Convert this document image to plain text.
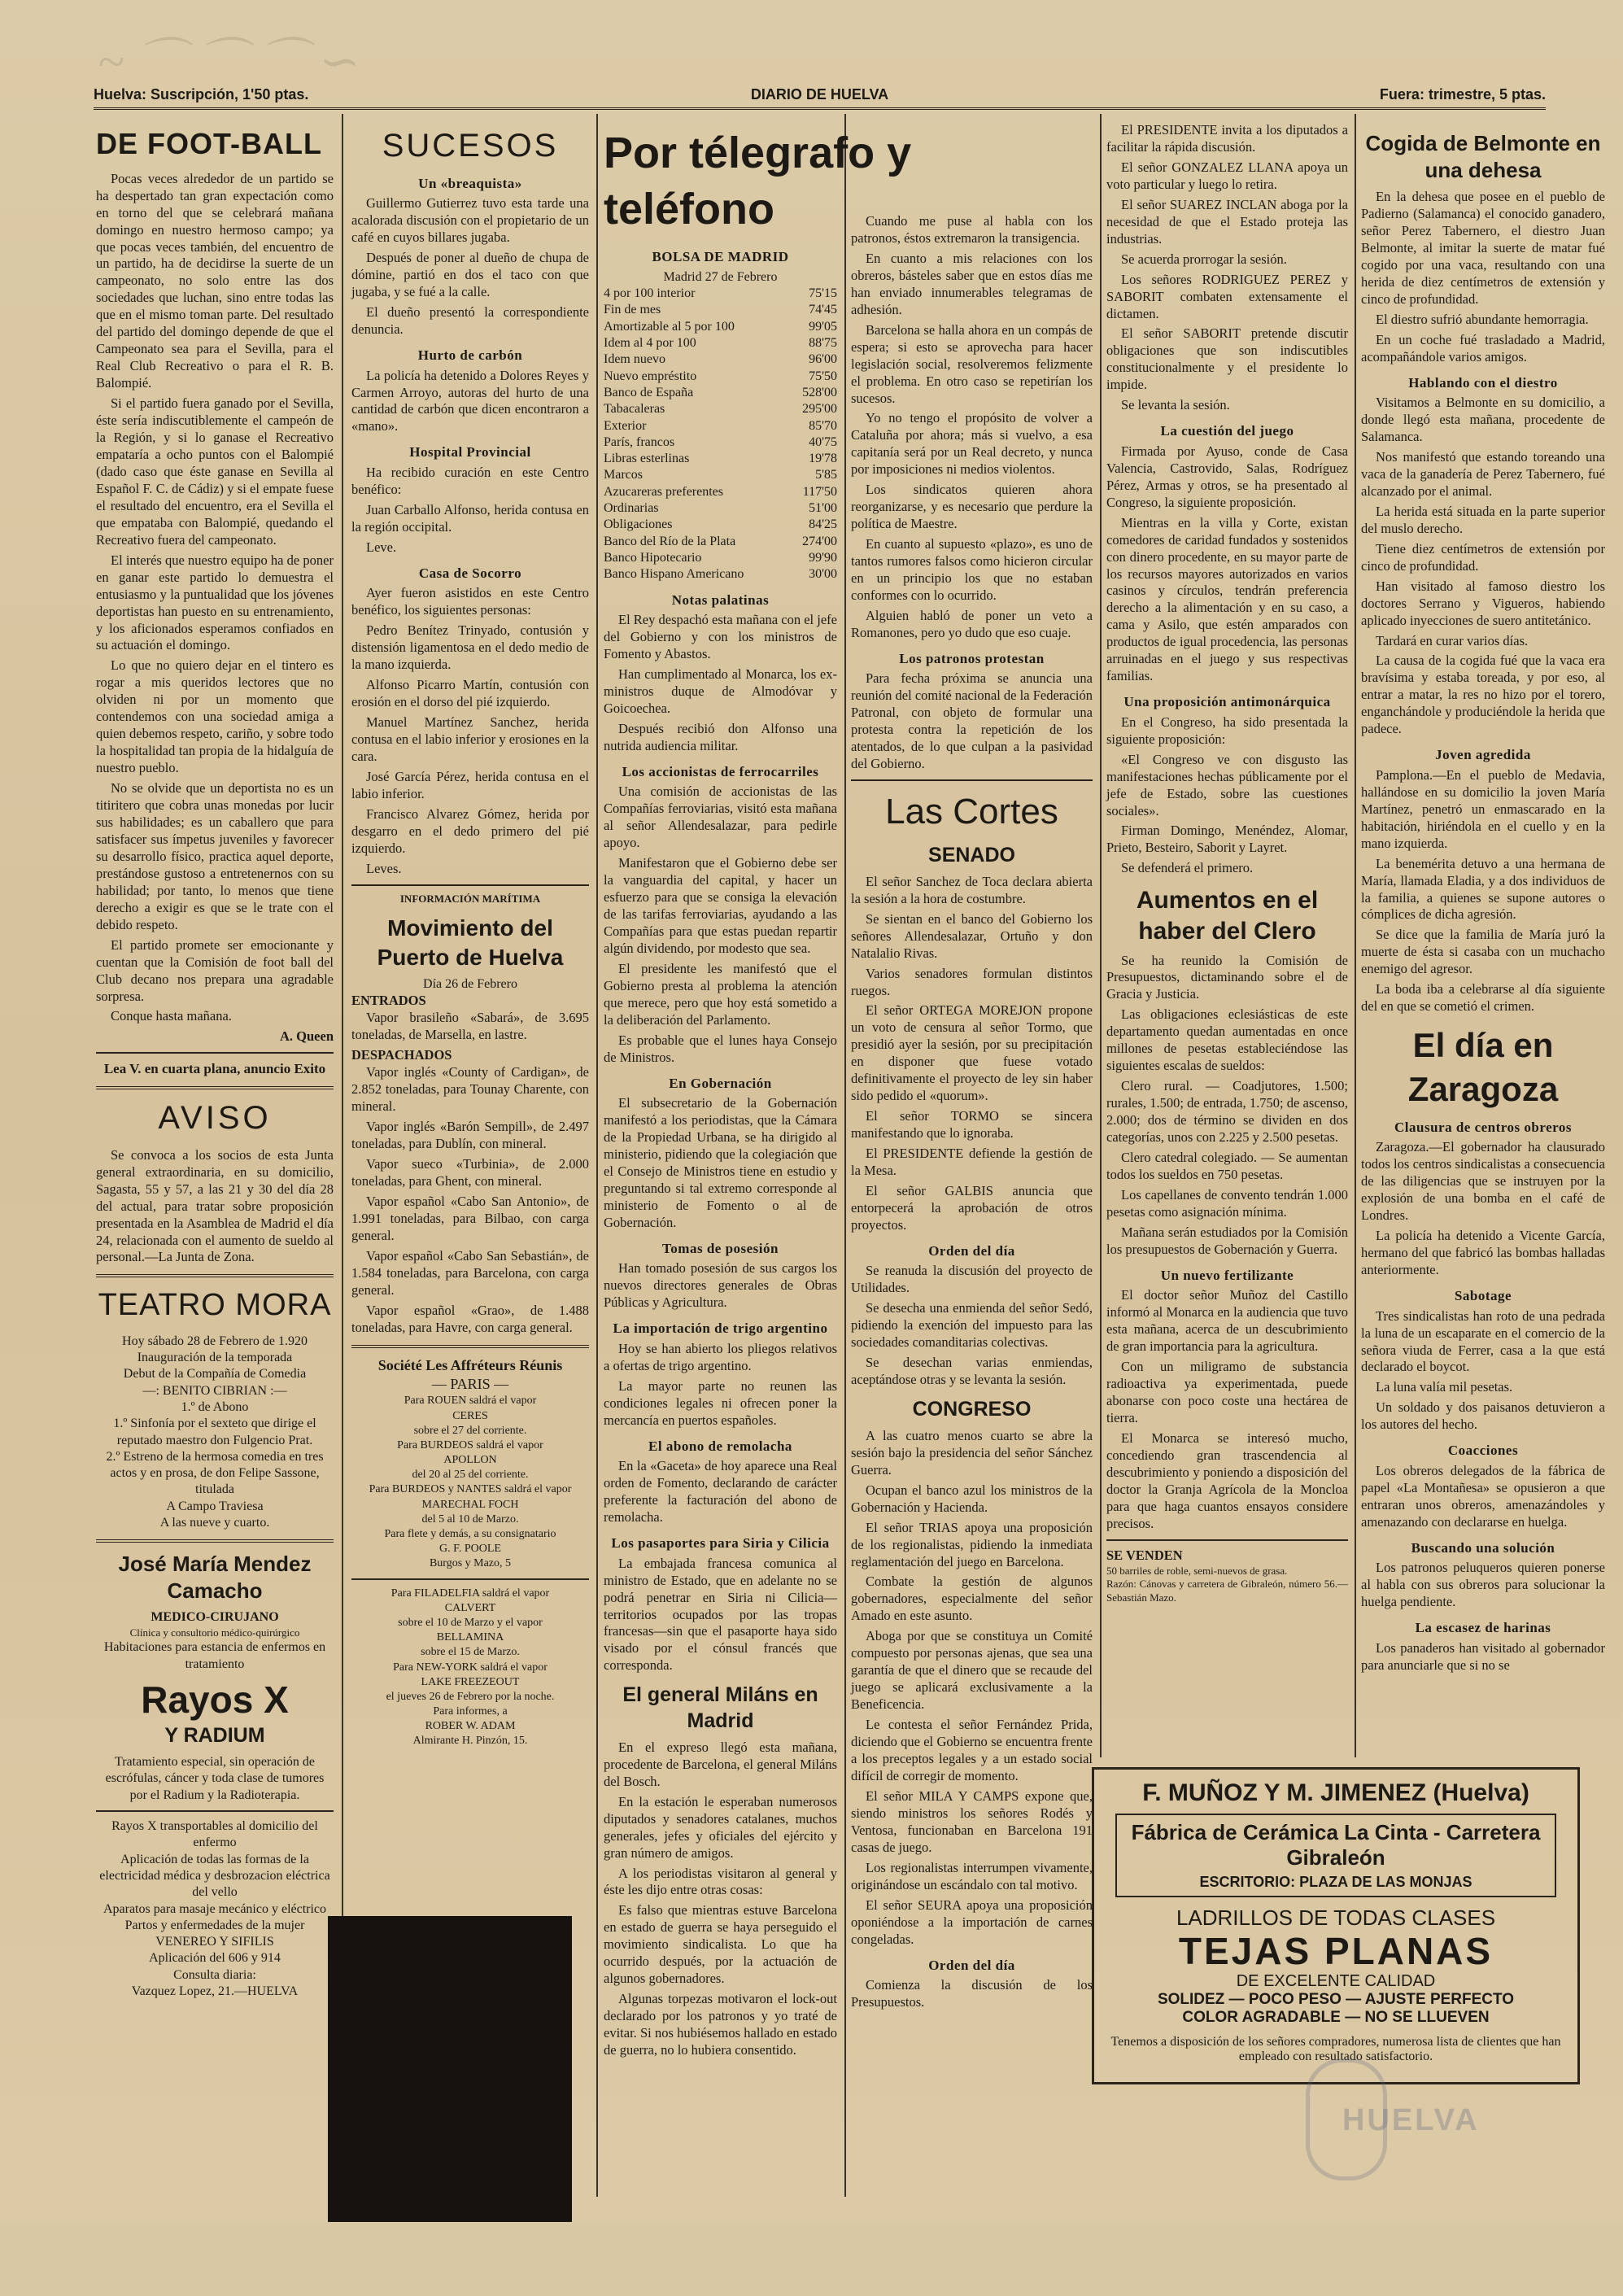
~ ⌒ ⌒ ⌒ ∽
Huelva: Suscripción, 1'50 ptas.	DIARIO DE HUELVA	Fuera: trimestre, 5 ptas.
DE FOOT-BALL

Pocas veces alrededor de un partido se ha despertado tan gran expectación como en torno del que se celebrará mañana domingo en nuestro hermoso campo; ya que pocas veces también, del encuentro de un partido, ha de decidirse la suerte de un campeonato, no solo entre las dos sociedades que luchan, sino entre todas las que en el mismo toman parte. Del resultado del partido del domingo depende de que el Campeonato sea para el Sevilla, para el Real Club Recreativo o para el R. B. Balompié.

Si el partido fuera ganado por el Sevilla, éste sería indiscutiblemente el campeón de la Región, y si lo ganase el Recreativo empataría a ocho puntos con el Balompié (dado caso que éste ganase en Sevilla al Español F. C. de Cádiz) y si el empate fuese el resultado del encuentro, era el Sevilla el que empataba con Balompié, quedando el Recreativo fuera del campeonato.

El interés que nuestro equipo ha de poner en ganar este partido lo demuestra el entusiasmo y la puntualidad que los jóvenes deportistas han puesto en su entrenamiento, y los aficionados esperamos confiados en su actuación el domingo.

Lo que no quiero dejar en el tintero es rogar a mis queridos lectores que no olviden ni por un momento que contendemos con una sociedad amiga a quien debemos respeto, cariño, y sobre todo la hospitalidad tan propia de la hidalguía de nuestro pueblo.

No se olvide que un deportista no es un titiritero que cobra unas monedas por lucir sus habilidades; es un caballero que para satisfacer sus ímpetus juveniles y favorecer su desarrollo físico, practica aquel deporte, prestándose gustoso a entretenernos con su habilidad; por tanto, lo menos que tiene derecho a exigir es que se le trate con el debido respeto.

El partido promete ser emocionante y cuentan que la Comisión de foot ball del Club decano nos prepara una agradable sorpresa.

Conque hasta mañana.

A. Queen
Lea V. en cuarta plana, anuncio Exito
AVISO

Se convoca a los socios de esta Junta general extraordinaria, en su domicilio, Sagasta, 55 y 57, a las 21 y 30 del día 28 del actual, para tratar sobre proposición presentada en la Asamblea de Madrid el día 24, relacionada con el aumento de sueldo al personal.—La Junta de Zona.

TEATRO MORA
Hoy sábado 28 de Febrero de 1.920
Inauguración de la temporada
Debut de la Compañía de Comedia
—: BENITO CIBRIAN :—
1.º de Abono
1.º Sinfonía por el sexteto que dirige el reputado maestro don Fulgencio Prat.
2.º Estreno de la hermosa comedia en tres actos y en prosa, de don Felipe Sassone, titulada
A Campo Traviesa
A las nueve y cuarto.
José María Mendez Camacho
MEDICO-CIRUJANO
Clínica y consultorio médico-quirúrgico
Habitaciones para estancia de enfermos en tratamiento
Rayos X
Y RADIUM
Tratamiento especial, sin operación de escrófulas, cáncer y toda clase de tumores por el Radium y la Radioterapia.
Rayos X transportables al domicilio del enfermo
Aplicación de todas las formas de la electricidad médica y desbrozacion eléctrica del vello
Aparatos para masaje mecánico y eléctrico
Partos y enfermedades de la mujer
VENEREO Y SIFILIS
Aplicación del 606 y 914
Consulta diaria:
Vazquez Lopez, 21.—HUELVA
SUCESOS
Un «breaquista»

Guillermo Gutierrez tuvo esta tarde una acalorada discusión con el propietario de un café en cuyos billares jugaba.

Después de poner al dueño de chupa de dómine, partió en dos el taco con que jugaba, y se fué a la calle.

El dueño presentó la correspondiente denuncia.

Hurto de carbón

La policía ha detenido a Dolores Reyes y Carmen Arroyo, autoras del hurto de una cantidad de carbón que dicen encontraron a «mano».

Hospital Provincial

Ha recibido curación en este Centro benéfico:

Juan Carballo Alfonso, herida contusa en la región occipital.

Leve.

Casa de Socorro

Ayer fueron asistidos en este Centro benéfico, los siguientes personas:

Pedro Benítez Trinyado, contusión y distensión ligamentosa en el dedo medio de la mano izquierda.

Alfonso Picarro Martín, contusión con erosión en el dorso del pié izquierdo.

Manuel Martínez Sanchez, herida contusa en el labio inferior y erosiones en la cara.

José García Pérez, herida contusa en el labio inferior.

Francisco Alvarez Gómez, herida por desgarro en el dedo primero del pié izquierdo.

Leves.

INFORMACIÓN MARÍTIMA
Movimiento del Puerto de Huelva
Día 26 de Febrero
ENTRADOS

Vapor brasileño «Sabará», de 3.695 toneladas, de Marsella, en lastre.

DESPACHADOS

Vapor inglés «County of Cardigan», de 2.852 toneladas, para Tounay Charente, con mineral.

Vapor inglés «Barón Sempill», de 2.497 toneladas, para Dublín, con mineral.

Vapor sueco «Turbinia», de 2.000 toneladas, para Ghent, con mineral.

Vapor español «Cabo San Antonio», de 1.991 toneladas, para Bilbao, con carga general.

Vapor español «Cabo San Sebastián», de 1.584 toneladas, para Barcelona, con carga general.

Vapor español «Grao», de 1.488 toneladas, para Havre, con carga general.

Société Les Affréteurs Réunis
— PARIS —
Para ROUEN saldrá el vapor
CERES
sobre el 27 del corriente.
Para BURDEOS saldrá el vapor
APOLLON
del 20 al 25 del corriente.
Para BURDEOS y NANTES saldrá el vapor
MARECHAL FOCH
del 5 al 10 de Marzo.
Para flete y demás, a su consignatario
G. F. POOLE
Burgos y Mazo, 5
Para FILADELFIA saldrá el vapor
CALVERT
sobre el 10 de Marzo y el vapor
BELLAMINA
sobre el 15 de Marzo.
Para NEW-YORK saldrá el vapor
LAKE FREEZEOUT
el jueves 26 de Febrero por la noche.
Para informes, a
ROBER W. ADAM
Almirante H. Pinzón, 15.
Por télegrafo y teléfono
BOLSA DE MADRID
Madrid 27 de Febrero
4 por 100 interior	75'15
Fin de mes	74'45
Amortizable al 5 por 100	99'05
Idem al 4 por 100	88'75
Idem nuevo	96'00
Nuevo empréstito	75'50
Banco de España	528'00
Tabacaleras	295'00
Exterior	85'70
París, francos	40'75
Libras esterlinas	19'78
Marcos	5'85
Azucareras preferentes	117'50
Ordinarias	51'00
Obligaciones	84'25
Banco del Río de la Plata	274'00
Banco Hipotecario	99'90
Banco Hispano Americano	30'00
Notas palatinas

El Rey despachó esta mañana con el jefe del Gobierno y con los ministros de Fomento y Abastos.

Han cumplimentado al Monarca, los ex-ministros duque de Almodóvar y Goicoechea.

Después recibió don Alfonso una nutrida audiencia militar.

Los accionistas de ferrocarriles

Una comisión de accionistas de las Compañías ferroviarias, visitó esta mañana al señor Allendesalazar, para pedirle apoyo.

Manifestaron que el Gobierno debe ser la vanguardia del capital, y hacer un esfuerzo para que se consiga la elevación de las tarifas ferroviarias, ayudando a las Compañías para que estas puedan repartir algún dividendo, por modesto que sea.

El presidente les manifestó que el Gobierno presta al problema la atención que merece, pero que hoy está sometido a la deliberación del Parlamento.

Es probable que el lunes haya Consejo de Ministros.

En Gobernación

El subsecretario de la Gobernación manifestó a los periodistas, que la Cámara de la Propiedad Urbana, se ha dirigido al ministerio, pidiendo que la colegiación que el Consejo de Ministros tiene en estudio y preguntando si tal extremo corresponde al ministerio de Fomento o al de Gobernación.

Tomas de posesión

Han tomado posesión de sus cargos los nuevos directores generales de Obras Públicas y Agricultura.

La importación de trigo argentino

Hoy se han abierto los pliegos relativos a ofertas de trigo argentino.

La mayor parte no reunen las condiciones legales ni ofrecen poner la mercancía en puertos españoles.

El abono de remolacha

En la «Gaceta» de hoy aparece una Real orden de Fomento, declarando de carácter preferente la facturación del abono de remolacha.

Los pasaportes para Siria y Cilicia

La embajada francesa comunica al ministro de Estado, que en adelante no se podrá penetrar en Siria ni Cilicia—territorios ocupados por las tropas francesas—sin que el pasaporte haya sido visado por el cónsul francés que corresponda.

El general Miláns en Madrid

En el expreso llegó esta mañana, procedente de Barcelona, el general Miláns del Bosch.

En la estación le esperaban numerosos diputados y senadores catalanes, muchos generales, jefes y oficiales del ejército y gran número de amigos.

A los periodistas visitaron al general y éste les dijo entre otras cosas:

Es falso que mientras estuve Barcelona en estado de guerra se haya perseguido el movimiento sindicalista. Lo que ha ocurrido después, por la actuación de algunos gobernadores.

Algunas torpezas motivaron el lock-out declarado por los patronos y yo traté de evitar. Si nos hubiésemos hallado en estado de guerra, no lo hubiera consentido.

Cuando me puse al habla con los patronos, éstos extremaron la transigencia.

En cuanto a mis relaciones con los obreros, básteles saber que en estos días me han enviado innumerables telegramas de adhesión.

Barcelona se halla ahora en un compás de espera; si esto se aprovecha para hacer legislación social, resolveremos felizmente el problema. En otro caso se repetirían los sucesos.

Yo no tengo el propósito de volver a Cataluña por ahora; más si vuelvo, a esa capitanía será por un Real decreto, y nunca por imposiciones ni medios violentos.

Los sindicatos quieren ahora reorganizarse, y es necesario que perdure la política de Maestre.

En cuanto al supuesto «plazo», es uno de tantos rumores falsos como hicieron circular en un principio los que no estaban conformes con lo ocurrido.

Alguien habló de poner un veto a Romanones, pero yo dudo que eso cuaje.

Los patronos protestan

Para fecha próxima se anuncia una reunión del comité nacional de la Federación Patronal, con objeto de formular una protesta contra la repetición de los atentados, de lo que culpan a la pasividad del Gobierno.

Las Cortes
SENADO

El señor Sanchez de Toca declara abierta la sesión a la hora de costumbre.

Se sientan en el banco del Gobierno los señores Allendesalazar, Ortuño y don Natalalio Rivas.

Varios senadores formulan distintos ruegos.

El señor ORTEGA MOREJON propone un voto de censura al señor Tormo, que presidió ayer la sesión, por su precipitación en disponer que fuese votado definitivamente el proyecto de ley sin haber sido pedido el «quorum».

El señor TORMO se sincera manifestando que lo ignoraba.

El PRESIDENTE defiende la gestión de la Mesa.

El señor GALBIS anuncia que entorpecerá la aprobación de otros proyectos.

Orden del día

Se reanuda la discusión del proyecto de Utilidades.

Se desecha una enmienda del señor Sedó, pidiendo la exención del impuesto para las sociedades comanditarias colectivas.

Se desechan varias enmiendas, aceptándose otras y se levanta la sesión.

CONGRESO

A las cuatro menos cuarto se abre la sesión bajo la presidencia del señor Sánchez Guerra.

Ocupan el banco azul los ministros de la Gobernación y Hacienda.

El señor TRIAS apoya una proposición de los regionalistas, pidiendo la inmediata reglamentación del juego en Barcelona.

Combate la gestión de algunos gobernadores, especialmente del señor Amado en este asunto.

Aboga por que se constituya un Comité compuesto por personas ajenas, que sea una garantía de que el dinero que se recaude del juego se aplicará exclusivamente a la Beneficencia.

Le contesta el señor Fernández Prida, diciendo que el Gobierno se encuentra frente a los preceptos legales y a un estado social difícil de corregir de momento.

El señor MILA Y CAMPS expone que, siendo ministros los señores Rodés y Ventosa, funcionaban en Barcelona 191 casas de juego.

Los regionalistas interrumpen vivamente, originándose un escándalo con tal motivo.

El señor SEURA apoya una proposición oponiéndose a la importación de carnes congeladas.

Orden del día

Comienza la discusión de los Presupuestos.

El PRESIDENTE invita a los diputados a facilitar la rápida discusión.

El señor GONZALEZ LLANA apoya un voto particular y luego lo retira.

El señor SUAREZ INCLAN aboga por la necesidad de que el Estado proteja las industrias.

Se acuerda prorrogar la sesión.

Los señores RODRIGUEZ PEREZ y SABORIT combaten extensamente el dictamen.

El señor SABORIT pretende discutir obligaciones que son indiscutibles constitucionalmente y el presidente lo impide.

Se levanta la sesión.

La cuestión del juego

Firmada por Ayuso, conde de Casa Valencia, Castrovido, Salas, Rodríguez Pérez, Armas y otros, se ha presentado al Congreso, la siguiente proposición.

Mientras en la villa y Corte, existan comedores de caridad fundados y sostenidos con dinero procedente, en su mayor parte de los recursos mayores autorizados en varios casinos y círculos, tendrán preferencia derecho a la alimentación y en su caso, a cama y Asilo, que estén amparados con productos de igual procedencia, las personas arruinadas en el juego y sus respectivas familias.

Una proposición antimonárquica

En el Congreso, ha sido presentada la siguiente proposición:

«El Congreso ve con disgusto las manifestaciones hechas públicamente por el jefe de Estado, sobre las cuestiones sociales».

Firman Domingo, Menéndez, Alomar, Prieto, Besteiro, Saborit y Layret.

Se defenderá el primero.

Aumentos en el haber del Clero

Se ha reunido la Comisión de Presupuestos, dictaminando sobre el de Gracia y Justicia.

Las obligaciones eclesiásticas de este departamento quedan aumentadas en once millones de pesetas estableciéndose las siguientes escalas de sueldos:

Clero rural. — Coadjutores, 1.500; rurales, 1.500; de entrada, 1.750; de ascenso, 2.000; dos de término se dividen en dos categorías, unos con 2.225 y 2.500 pesetas.

Clero catedral colegiado. — Se aumentan todos los sueldos en 750 pesetas.

Los capellanes de convento tendrán 1.000 pesetas como asignación mínima.

Mañana serán estudiados por la Comisión los presupuestos de Gobernación y Guerra.

Un nuevo fertilizante

El doctor señor Muñoz del Castillo informó al Monarca en la audiencia que tuvo esta mañana, acerca de un descubrimiento de gran importancia para la agricultura.

Con un miligramo de substancia radioactiva ya experimentada, puede abonarse con poco coste una hectárea de tierra.

El Monarca se interesó mucho, concediendo gran trascendencia al descubrimiento y poniendo a disposición del doctor la Granja Agrícola de la Moncloa para que haga cuantos ensayos considere precisos.

SE VENDEN
50 barriles de roble, semi-nuevos de grasa.
Razón: Cánovas y carretera de Gibraleón, número 56.—Sebastián Mazo.
Cogida de Belmonte en una dehesa

En la dehesa que posee en el pueblo de Padierno (Salamanca) el conocido ganadero, señor Perez Tabernero, el diestro Juan Belmonte, al imitar la suerte de matar fué cogido por una vaca, resultando con una herida de diez centímetros de extensión y cinco de profundidad.

El diestro sufrió abundante hemorragia.

En un coche fué trasladado a Madrid, acompañándole varios amigos.

Hablando con el diestro

Visitamos a Belmonte en su domicilio, a donde llegó esta mañana, procedente de Salamanca.

Nos manifestó que estando toreando una vaca de la ganadería de Perez Tabernero, fué alcanzado por el animal.

La herida está situada en la parte superior del muslo derecho.

Tiene diez centímetros de extensión por cinco de profundidad.

Han visitado al famoso diestro los doctores Serrano y Vigueros, habiendo aplicado inyecciones de suero antitetánico.

Tardará en curar varios días.

La causa de la cogida fué que la vaca era bravísima y estaba toreada, y por eso, al entrar a matar, la res no hizo por el torero, enganchándole y produciéndole la herida que padece.

Joven agredida

Pamplona.—En el pueblo de Medavia, hallándose en su domicilio la joven María Martínez, penetró un enmascarado en la habitación, hiriéndola en el cuello y en la mano izquierda.

La benemérita detuvo a una hermana de María, llamada Eladia, y a dos individuos de la familia, a quienes se supone autores o cómplices de dicha agresión.

Se dice que la familia de María juró la muerte de ésta si casaba con un muchacho enemigo del agresor.

La boda iba a celebrarse al día siguiente del en que se cometió el crimen.

El día en Zaragoza
Clausura de centros obreros

Zaragoza.—El gobernador ha clausurado todos los centros sindicalistas a consecuencia de las diligencias que se instruyen por la explosión de una bomba en el café de Londres.

La policía ha detenido a Vicente García, hermano del que fabricó las bombas halladas anteriormente.

Sabotage

Tres sindicalistas han roto de una pedrada la luna de un escaparate en el comercio de la señora viuda de Ferrer, casa a la que está declarado el boycot.

La luna valía mil pesetas.

Un soldado y dos paisanos detuvieron a los autores del hecho.

Coacciones

Los obreros delegados de la fábrica de papel «La Montañesa» se opusieron a que entraran unos obreros, amenazándoles y amenazando con declararse en huelga.

Buscando una solución

Los patronos peluqueros quieren ponerse al habla con sus obreros para solucionar la huelga pendiente.

La escasez de harinas

Los panaderos han visitado al gobernador para anunciarle que si no se

F. MUÑOZ Y M. JIMENEZ (Huelva)
Fábrica de Cerámica La Cinta - Carretera Gibraleón
ESCRITORIO: PLAZA DE LAS MONJAS
LADRILLOS DE TODAS CLASES
TEJAS PLANAS
DE EXCELENTE CALIDAD
SOLIDEZ — POCO PESO — AJUSTE PERFECTO
COLOR AGRADABLE — NO SE LLUEVEN
Tenemos a disposición de los señores compradores, numerosa lista de clientes que han empleado con resultado satisfactorio.
HUELVA
